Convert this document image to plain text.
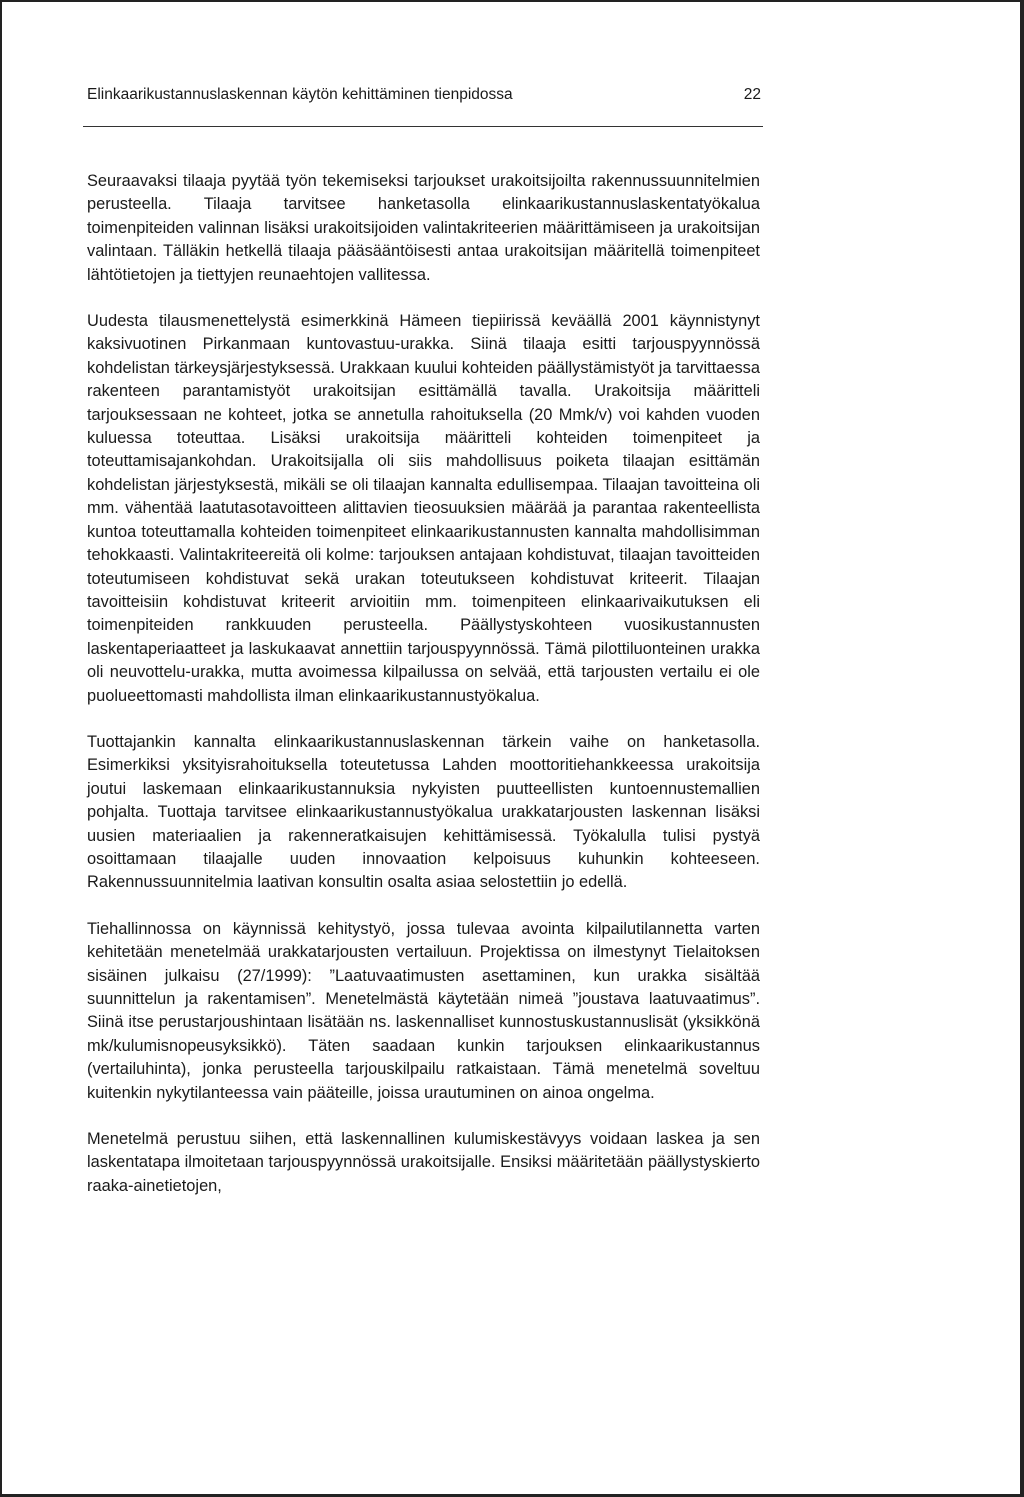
Elinkaarikustannuslaskennan käytön kehittäminen tienpidossa	22

Seuraavaksi tilaaja pyytää työn tekemiseksi tarjoukset urakoitsijoilta rakennussuunnitelmien perusteella. Tilaaja tarvitsee hanketasolla elinkaarikustannuslaskentatyökalua toimenpiteiden valinnan lisäksi urakoitsijoiden valintakriteerien määrittämiseen ja urakoitsijan valintaan. Tälläkin hetkellä tilaaja pääsääntöisesti antaa urakoitsijan määritellä toimenpiteet lähtötietojen ja tiettyjen reunaehtojen vallitessa.

Uudesta tilausmenettelystä esimerkkinä Hämeen tiepiirissä keväällä 2001 käynnistynyt kaksivuotinen Pirkanmaan kuntovastuu-urakka. Siinä tilaaja esitti tarjouspyynnössä kohdelistan tärkeysjärjestyksessä. Urakkaan kuului kohteiden päällystämistyöt ja tarvittaessa rakenteen parantamistyöt urakoitsijan esittämällä tavalla. Urakoitsija määritteli tarjouksessaan ne kohteet, jotka se annetulla rahoituksella (20 Mmk/v) voi kahden vuoden kuluessa toteuttaa. Lisäksi urakoitsija määritteli kohteiden toimenpiteet ja toteuttamisajankohdan. Urakoitsijalla oli siis mahdollisuus poiketa tilaajan esittämän kohdelistan järjestyksestä, mikäli se oli tilaajan kannalta edullisempaa. Tilaajan tavoitteina oli mm. vähentää laatutasotavoitteen alittavien tieosuuksien määrää ja parantaa rakenteellista kuntoa toteuttamalla kohteiden toimenpiteet elinkaarikustannusten kannalta mahdollisimman tehokkaasti. Valintakriteereitä oli kolme: tarjouksen antajaan kohdistuvat, tilaajan tavoitteiden toteutumiseen kohdistuvat sekä urakan toteutukseen kohdistuvat kriteerit. Tilaajan tavoitteisiin kohdistuvat kriteerit arvioitiin mm. toimenpiteen elinkaarivaikutuksen eli toimenpiteiden rankkuuden perusteella. Päällystyskohteen vuosikustannusten laskentaperiaatteet ja laskukaavat annettiin tarjouspyynnössä. Tämä pilottiluonteinen urakka oli neuvottelu-urakka, mutta avoimessa kilpailussa on selvää, että tarjousten vertailu ei ole puolueettomasti mahdollista ilman elinkaarikustannustyökalua.

Tuottajankin kannalta elinkaarikustannuslaskennan tärkein vaihe on hanketasolla. Esimerkiksi yksityisrahoituksella toteutetussa Lahden moottoritiehankkeessa urakoitsija joutui laskemaan elinkaarikustannuksia nykyisten puutteellisten kuntoennustemallien pohjalta. Tuottaja tarvitsee elinkaarikustannustyökalua urakkatarjousten laskennan lisäksi uusien materiaalien ja rakenneratkaisujen kehittämisessä. Työkalulla tulisi pystyä osoittamaan tilaajalle uuden innovaation kelpoisuus kuhunkin kohteeseen. Rakennussuunnitelmia laativan konsultin osalta asiaa selostettiin jo edellä.

Tiehallinnossa on käynnissä kehitystyö, jossa tulevaa avointa kilpailutilannetta varten kehitetään menetelmää urakkatarjousten vertailuun. Projektissa on ilmestynyt Tielaitoksen sisäinen julkaisu (27/1999): ”Laatuvaatimusten asettaminen, kun urakka sisältää suunnittelun ja rakentamisen”. Menetelmästä käytetään nimeä ”joustava laatuvaatimus”. Siinä itse perustarjoushintaan lisätään ns. laskennalliset kunnostuskustannuslisät (yksikkönä mk/kulumisnopeusyksikkö). Täten saadaan kunkin tarjouksen elinkaarikustannus (vertailuhinta), jonka perusteella tarjouskilpailu ratkaistaan. Tämä menetelmä soveltuu kuitenkin nykytilanteessa vain pääteille, joissa urautuminen on ainoa ongelma.

Menetelmä perustuu siihen, että laskennallinen kulumiskestävyys voidaan laskea ja sen laskentatapa ilmoitetaan tarjouspyynnössä urakoitsijalle. Ensiksi määritetään päällystyskierto raaka-ainetietojen,
